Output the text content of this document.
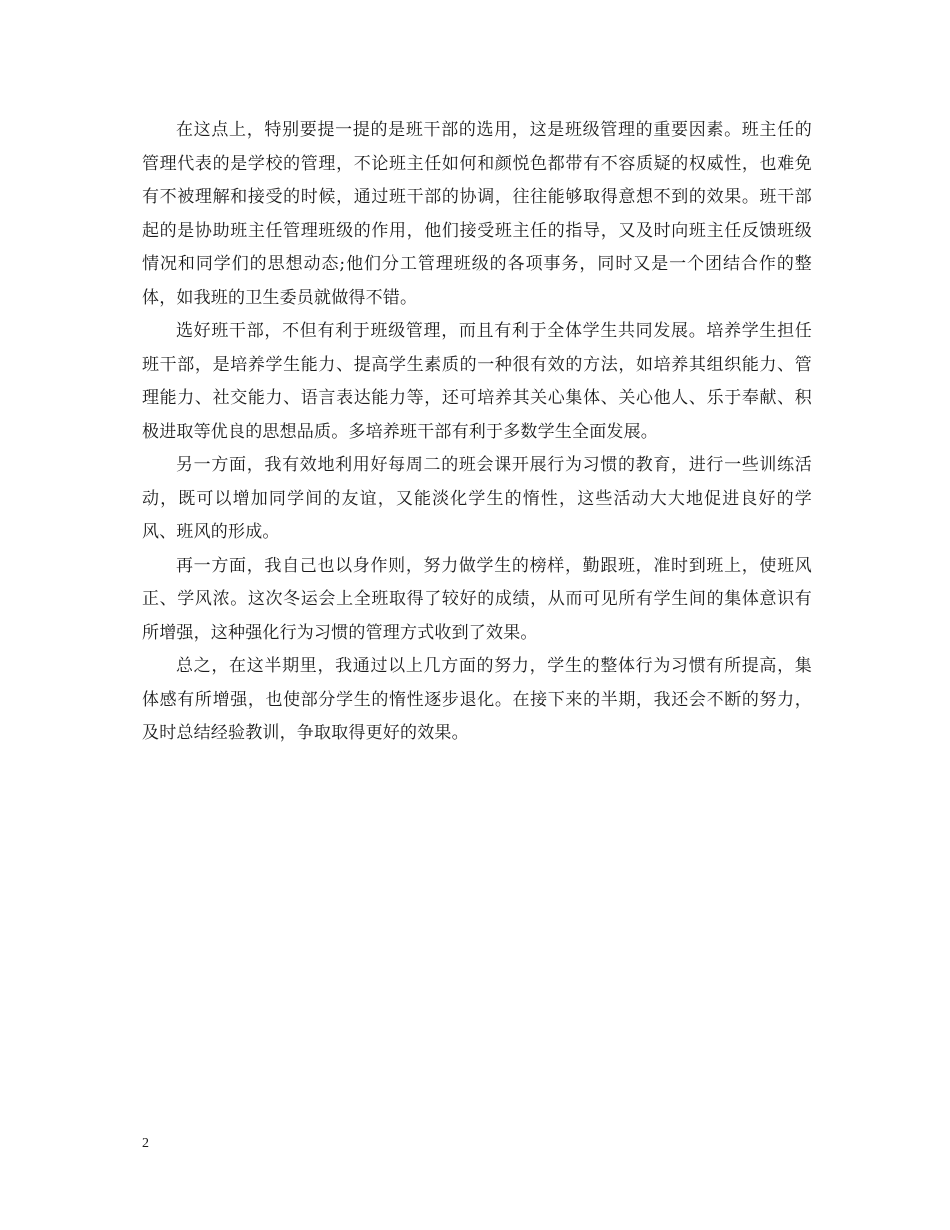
在这点上，特别要提一提的是班干部的选用，这是班级管理的重要因素。班主任的管理代表的是学校的管理，不论班主任如何和颜悦色都带有不容质疑的权威性，也难免有不被理解和接受的时候，通过班干部的协调，往往能够取得意想不到的效果。班干部起的是协助班主任管理班级的作用，他们接受班主任的指导，又及时向班主任反馈班级情况和同学们的思想动态;他们分工管理班级的各项事务，同时又是一个团结合作的整体，如我班的卫生委员就做得不错。

选好班干部，不但有利于班级管理，而且有利于全体学生共同发展。培养学生担任班干部，是培养学生能力、提高学生素质的一种很有效的方法，如培养其组织能力、管理能力、社交能力、语言表达能力等，还可培养其关心集体、关心他人、乐于奉献、积极进取等优良的思想品质。多培养班干部有利于多数学生全面发展。

另一方面，我有效地利用好每周二的班会课开展行为习惯的教育，进行一些训练活动，既可以增加同学间的友谊，又能淡化学生的惰性，这些活动大大地促进良好的学风、班风的形成。

再一方面，我自己也以身作则，努力做学生的榜样，勤跟班，准时到班上，使班风正、学风浓。这次冬运会上全班取得了较好的成绩，从而可见所有学生间的集体意识有所增强，这种强化行为习惯的管理方式收到了效果。

总之，在这半期里，我通过以上几方面的努力，学生的整体行为习惯有所提高，集体感有所增强，也使部分学生的惰性逐步退化。在接下来的半期，我还会不断的努力，及时总结经验教训，争取取得更好的效果。

2
